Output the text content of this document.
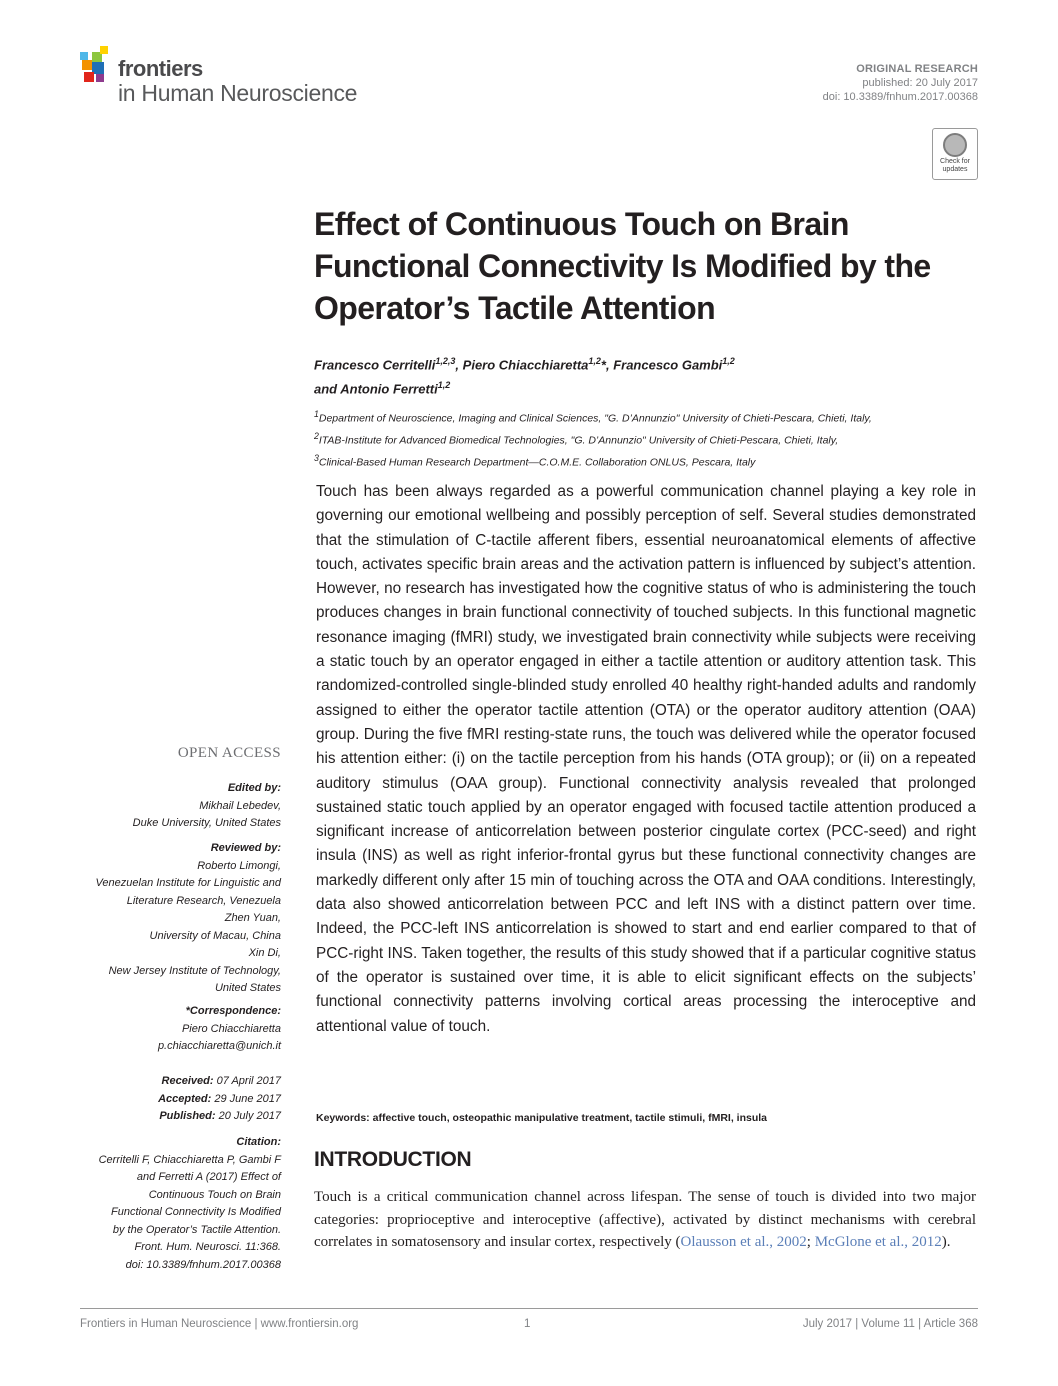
frontiers
in Human Neuroscience
ORIGINAL RESEARCH
published: 20 July 2017
doi: 10.3389/fnhum.2017.00368
Check for
updates
Effect of Continuous Touch on Brain Functional Connectivity Is Modified by the Operator’s Tactile Attention
Francesco Cerritelli$^{1,2,3}$, Piero Chiacchiaretta$^{1,2}$*, Francesco Gambi$^{1,2}$
and Antonio Ferretti$^{1,2}$
$^1$Department of Neuroscience, Imaging and Clinical Sciences, "G. D’Annunzio" University of Chieti-Pescara, Chieti, Italy,
$^2$ITAB-Institute for Advanced Biomedical Technologies, "G. D’Annunzio" University of Chieti-Pescara, Chieti, Italy,
$^3$Clinical-Based Human Research Department—C.O.M.E. Collaboration ONLUS, Pescara, Italy

Touch has been always regarded as a powerful communication channel playing a key role in governing our emotional wellbeing and possibly perception of self. Several studies demonstrated that the stimulation of C-tactile afferent fibers, essential neuroanatomical elements of affective touch, activates specific brain areas and the activation pattern is influenced by subject’s attention. However, no research has investigated how the cognitive status of who is administering the touch produces changes in brain functional connectivity of touched subjects. In this functional magnetic resonance imaging (fMRI) study, we investigated brain connectivity while subjects were receiving a static touch by an operator engaged in either a tactile attention or auditory attention task. This randomized-controlled single-blinded study enrolled 40 healthy right-handed adults and randomly assigned to either the operator tactile attention (OTA) or the operator auditory attention (OAA) group. During the five fMRI resting-state runs, the touch was delivered while the operator focused his attention either: (i) on the tactile perception from his hands (OTA group); or (ii) on a repeated auditory stimulus (OAA group). Functional connectivity analysis revealed that prolonged sustained static touch applied by an operator engaged with focused tactile attention produced a significant increase of anticorrelation between posterior cingulate cortex (PCC-seed) and right insula (INS) as well as right inferior-frontal gyrus but these functional connectivity changes are markedly different only after 15 min of touching across the OTA and OAA conditions. Interestingly, data also showed anticorrelation between PCC and left INS with a distinct pattern over time. Indeed, the PCC-left INS anticorrelation is showed to start and end earlier compared to that of PCC-right INS. Taken together, the results of this study showed that if a particular cognitive status of the operator is sustained over time, it is able to elicit significant effects on the subjects’ functional connectivity patterns involving cortical areas processing the interoceptive and attentional value of touch.

Keywords: affective touch, osteopathic manipulative treatment, tactile stimuli, fMRI, insula
INTRODUCTION

Touch is a critical communication channel across lifespan. The sense of touch is divided into two major categories: proprioceptive and interoceptive (affective), activated by distinct mechanisms with cerebral correlates in somatosensory and insular cortex, respectively (Olausson et al., 2002; McGlone et al., 2012).

OPEN ACCESS
Edited by:
Mikhail Lebedev,
Duke University, United States
Reviewed by:
Roberto Limongi,
Venezuelan Institute for Linguistic and
Literature Research, Venezuela
Zhen Yuan,
University of Macau, China
Xin Di,
New Jersey Institute of Technology,
United States
*Correspondence:
Piero Chiacchiaretta
p.chiacchiaretta@unich.it
Received: 07 April 2017
Accepted: 29 June 2017
Published: 20 July 2017
Citation:
Cerritelli F, Chiacchiaretta P, Gambi F
and Ferretti A (2017) Effect of
Continuous Touch on Brain
Functional Connectivity Is Modified
by the Operator’s Tactile Attention.
Front. Hum. Neurosci. 11:368.
doi: 10.3389/fnhum.2017.00368
Frontiers in Human Neuroscience | www.frontiersin.org	1	July 2017 | Volume 11 | Article 368
